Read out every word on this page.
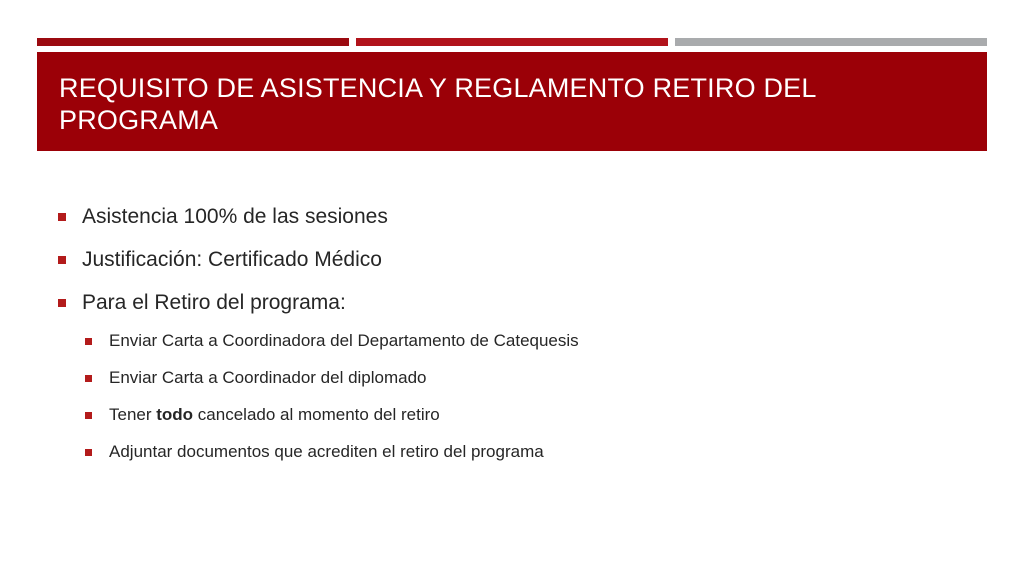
REQUISITO DE ASISTENCIA Y REGLAMENTO RETIRO DEL PROGRAMA
Asistencia 100% de las sesiones
Justificación: Certificado Médico
Para el Retiro del programa:
Enviar Carta a Coordinadora del Departamento de Catequesis
Enviar Carta a Coordinador del diplomado
Tener todo cancelado al momento del retiro
Adjuntar documentos que acrediten el retiro del programa
